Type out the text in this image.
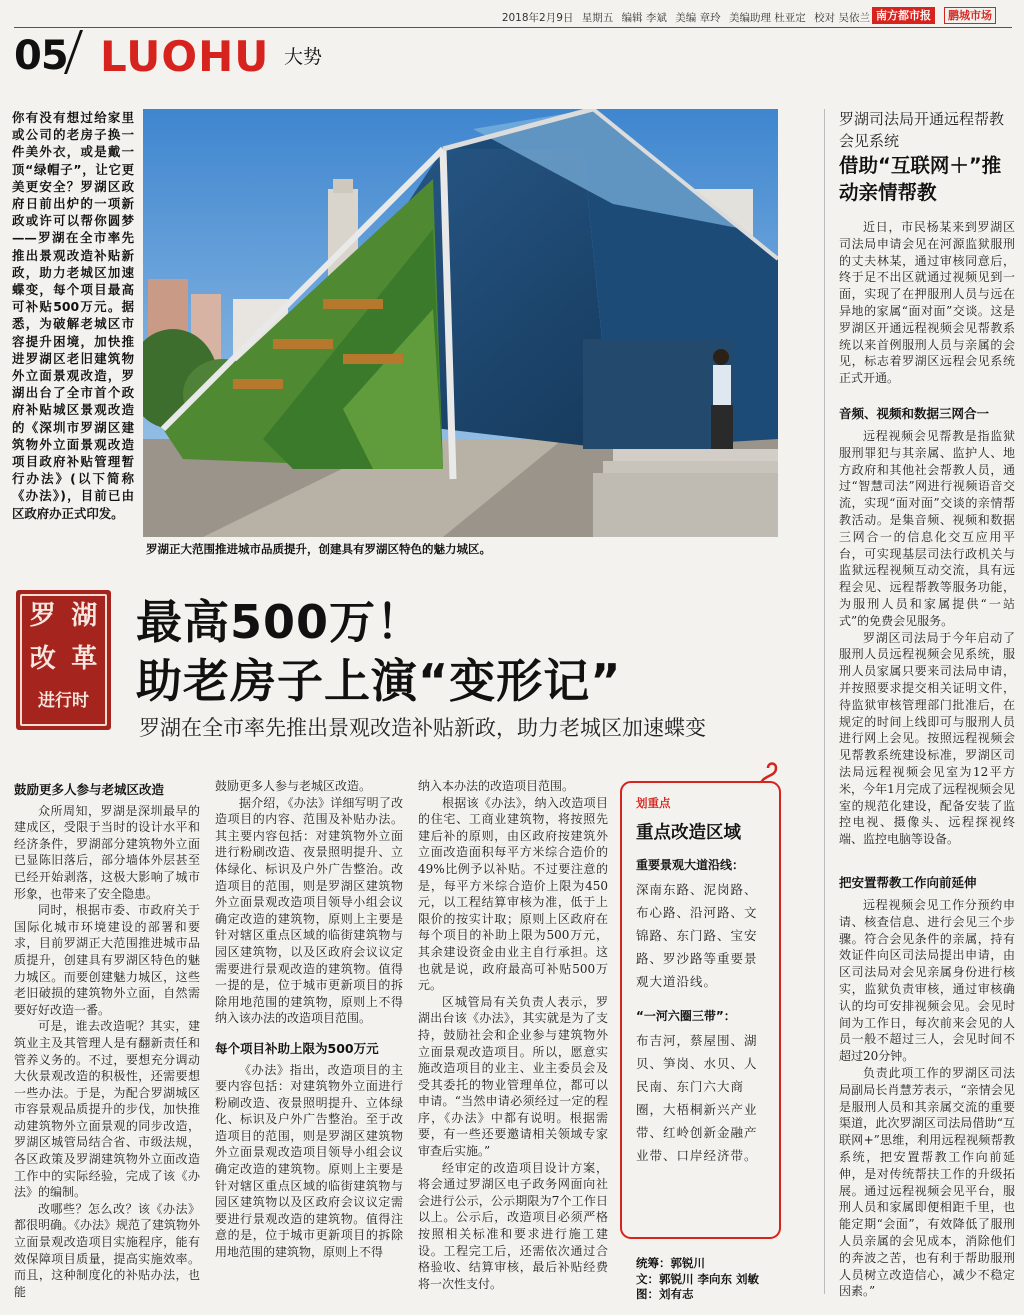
2018年2月9日 星期五 编辑 李斌 美编 章玲 美编助理 杜亚定 校对 吴依兰 南方都市报	鹏城市场
05 LUOHU 大势
你有没有想过给家里或公司的老房子换一件美外衣，或是戴一顶“绿帽子”，让它更美更安全？罗湖区政府日前出炉的一项新政或许可以帮你圆梦——罗湖在全市率先推出景观改造补贴新政，助力老城区加速蝶变，每个项目最高可补贴500万元。据悉，为破解老城区市容提升困境，加快推进罗湖区老旧建筑物外立面景观改造，罗湖出台了全市首个政府补贴城区景观改造的《深圳市罗湖区建筑物外立面景观改造项目政府补贴管理暂行办法》(以下简称《办法》)，目前已由区政府办正式印发。
罗湖正大范围推进城市品质提升，创建具有罗湖区特色的魅力城区。
罗湖司法局开通远程帮教会见系统
借助“互联网＋”推动亲情帮教

近日，市民杨某来到罗湖区司法局申请会见在河源监狱服刑的丈夫林某，通过审核同意后，终于足不出区就通过视频见到一面，实现了在押服刑人员与远在异地的家属“面对面”交谈。这是罗湖区开通远程视频会见帮教系统以来首例服刑人员与亲属的会见，标志着罗湖区远程会见系统正式开通。

音频、视频和数据三网合一

远程视频会见帮教是指监狱服刑罪犯与其亲属、监护人、地方政府和其他社会帮教人员，通过“智慧司法”网进行视频语音交流，实现“面对面”交谈的亲情帮教活动。是集音频、视频和数据三网合一的信息化交互应用平台，可实现基层司法行政机关与监狱远程视频互动交流，具有远程会见、远程帮教等服务功能，为服刑人员和家属提供“一站式”的免费会见服务。

罗湖区司法局于今年启动了服刑人员远程视频会见系统，服刑人员家属只要来司法局申请，并按照要求提交相关证明文件，待监狱审核管理部门批准后，在规定的时间上线即可与服刑人员进行网上会见。按照远程视频会见帮教系统建设标准，罗湖区司法局远程视频会见室为12平方米，今年1月完成了远程视频会见室的规范化建设，配备安装了监控电视、摄像头、远程探视终端、监控电脑等设备。

把安置帮教工作向前延伸

远程视频会见工作分预约申请、核查信息、进行会见三个步骤。符合会见条件的亲属，持有效证件向区司法局提出申请，由区司法局对会见亲属身份进行核实，监狱负责审核，通过审核确认的均可安排视频会见。会见时间为工作日，每次前来会见的人员一般不超过三人，会见时间不超过20分钟。

负责此项工作的罗湖区司法局副局长肖慧芳表示，“亲情会见是服刑人员和其亲属交流的重要渠道，此次罗湖区司法局借助“互联网+”思维，利用远程视频帮教系统，把安置帮教工作向前延伸，是对传统帮扶工作的升级拓展。通过远程视频会见平台，服刑人员和家属即便相距千里，也能定期“会面”，有效降低了服刑人员亲属的会见成本，消除他们的奔波之苦，也有利于帮助服刑人员树立改造信心，减少不稳定因素。”

罗 湖
改 革
进行时
最高500万！
助老房子上演“变形记”
罗湖在全市率先推出景观改造补贴新政，助力老城区加速蝶变
鼓励更多人参与老城区改造

众所周知，罗湖是深圳最早的建成区，受限于当时的设计水平和经济条件，罗湖部分建筑物外立面已显陈旧落后，部分墙体外层甚至已经开始剥落，这极大影响了城市形象，也带来了安全隐患。

同时，根据市委、市政府关于国际化城市环境建设的部署和要求，目前罗湖正大范围推进城市品质提升，创建具有罗湖区特色的魅力城区。而要创建魅力城区，这些老旧破损的建筑物外立面，自然需要好好改造一番。

可是，谁去改造呢？其实，建筑业主及其管理人是有翻新责任和管养义务的。不过，要想充分调动大伙景观改造的积极性，还需要想一些办法。于是，为配合罗湖城区市容景观品质提升的步伐，加快推动建筑物外立面景观的同步改造，罗湖区城管局结合省、市级法规，各区政策及罗湖建筑物外立面改造工作中的实际经验，完成了该《办法》的编制。

改哪些？怎么改？该《办法》都很明确。《办法》规范了建筑物外立面景观改造项目实施程序，能有效保障项目质量，提高实施效率。而且，这种制度化的补贴办法，也能

鼓励更多人参与老城区改造。

据介绍，《办法》详细写明了改造项目的内容、范围及补贴办法。其主要内容包括：对建筑物外立面进行粉刷改造、夜景照明提升、立体绿化、标识及户外广告整治。改造项目的范围，则是罗湖区建筑物外立面景观改造项目领导小组会议确定改造的建筑物，原则上主要是针对辖区重点区域的临街建筑物与园区建筑物，以及区政府会议议定需要进行景观改造的建筑物。值得一提的是，位于城市更新项目的拆除用地范围的建筑物，原则上不得纳入该办法的改造项目范围。

每个项目补助上限为500万元

《办法》指出，改造项目的主要内容包括：对建筑物外立面进行粉刷改造、夜景照明提升、立体绿化、标识及户外广告整治。至于改造项目的范围，则是罗湖区建筑物外立面景观改造项目领导小组会议确定改造的建筑物。原则上主要是针对辖区重点区域的临街建筑物与园区建筑物以及区政府会议议定需要进行景观改造的建筑物。值得注意的是，位于城市更新项目的拆除用地范围的建筑物，原则上不得

纳入本办法的改造项目范围。

根据该《办法》，纳入改造项目的住宅、工商业建筑物，将按照先建后补的原则，由区政府按建筑外立面改造面积每平方米综合造价的49%比例予以补贴。不过要注意的是，每平方米综合造价上限为450元，以工程结算审核为准，低于上限价的按实计取；原则上区政府在每个项目的补助上限为500万元，其余建设资金由业主自行承担。这也就是说，政府最高可补贴500万元。

区城管局有关负责人表示，罗湖出台该《办法》，其实就是为了支持，鼓励社会和企业参与建筑物外立面景观改造项目。所以，愿意实施改造项目的业主、业主委员会及受其委托的物业管理单位，都可以申请。“当然申请必须经过一定的程序，《办法》中都有说明。根据需要，有一些还要邀请相关领域专家审查后实施。”

经审定的改造项目设计方案，将会通过罗湖区电子政务网面向社会进行公示，公示期限为7个工作日以上。公示后，改造项目必须严格按照相关标准和要求进行施工建设。工程完工后，还需依次通过合格验收、结算审核，最后补贴经费将一次性支付。

划重点
重点改造区域
重要景观大道沿线：
深南东路、泥岗路、布心路、沿河路、文锦路、东门路、宝安路、罗沙路等重要景观大道沿线。
“一河六圈三带”：
布吉河，蔡屋围、湖贝、笋岗、水贝、人民南、东门六大商圈，大梧桐新兴产业带、红岭创新金融产业带、口岸经济带。
统筹：郭锐川
文：郭锐川 李向东 刘敏
图：刘有志
